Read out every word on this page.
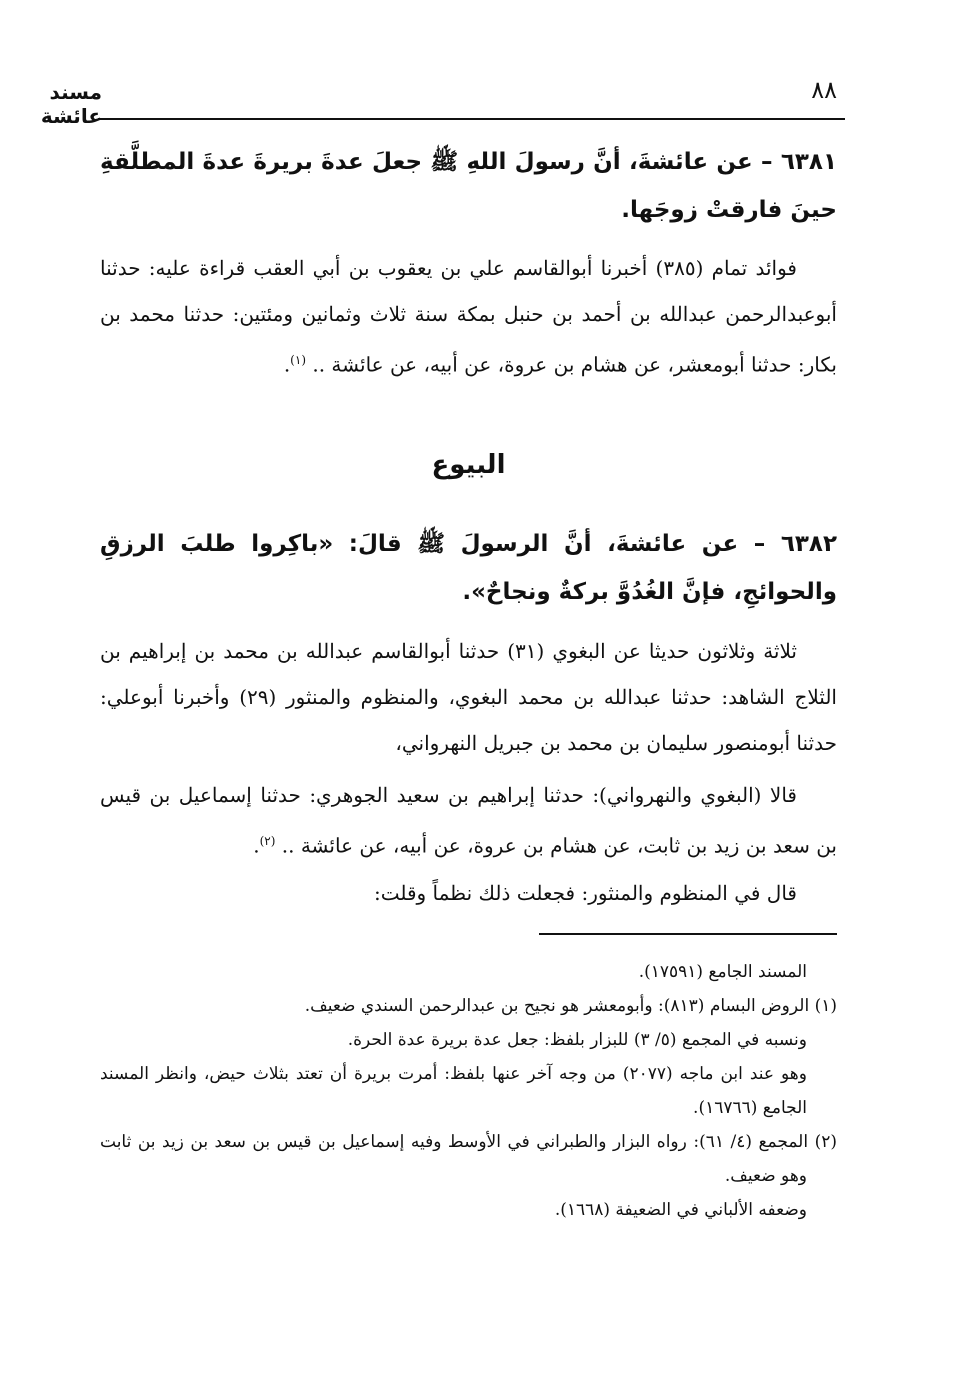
٨٨
مسند عائشة

٦٣٨١ – عن عائشةَ، أنَّ رسولَ اللهِ ﷺ جعلَ عدةَ بريرةَ عدةَ المطلَّقةِ حينَ فارقتْ زوجَها.

فوائد تمام (٣٨٥) أخبرنا أبوالقاسم علي بن يعقوب بن أبي العقب قراءة عليه: حدثنا أبوعبدالرحمن عبدالله بن أحمد بن حنبل بمكة سنة ثلاث وثمانين ومئتين: حدثنا محمد بن بكار: حدثنا أبومعشر، عن هشام بن عروة، عن أبيه، عن عائشة .. $^{(١)}$.

البيوع

٦٣٨٢ – عن عائشةَ، أنَّ الرسولَ ﷺ قالَ: «باكِروا طلبَ الرزقِ والحوائجِ، فإنَّ الغُدُوَّ بركةٌ ونجاحٌ».

ثلاثة وثلاثون حديثا عن البغوي (٣١) حدثنا أبوالقاسم عبدالله بن محمد بن إبراهيم بن الثلاج الشاهد: حدثنا عبدالله بن محمد البغوي، والمنظوم والمنثور (٢٩) وأخبرنا أبوعلي: حدثنا أبومنصور سليمان بن محمد بن جبريل النهرواني،

قالا (البغوي والنهرواني): حدثنا إبراهيم بن سعيد الجوهري: حدثنا إسماعيل بن قيس بن سعد بن زيد بن ثابت، عن هشام بن عروة، عن أبيه، عن عائشة .. $^{(٢)}$.

قال في المنظوم والمنثور: فجعلت ذلك نظماً وقلت:

المسند الجامع (١٧٥٩١).

(١) الروض البسام (٨١٣): وأبومعشر هو نجيح بن عبدالرحمن السندي ضعيف.

ونسبه في المجمع (٥/ ٣) للبزار بلفظ: جعل عدة بريرة عدة الحرة.

وهو عند ابن ماجه (٢٠٧٧) من وجه آخر عنها بلفظ: أمرت بريرة أن تعتد بثلاث حيض، وانظر المسند الجامع (١٦٧٦٦).

(٢) المجمع (٤/ ٦١): رواه البزار والطبراني في الأوسط وفيه إسماعيل بن قيس بن سعد بن زيد بن ثابت وهو ضعيف.

وضعفه الألباني في الضعيفة (١٦٦٨).
